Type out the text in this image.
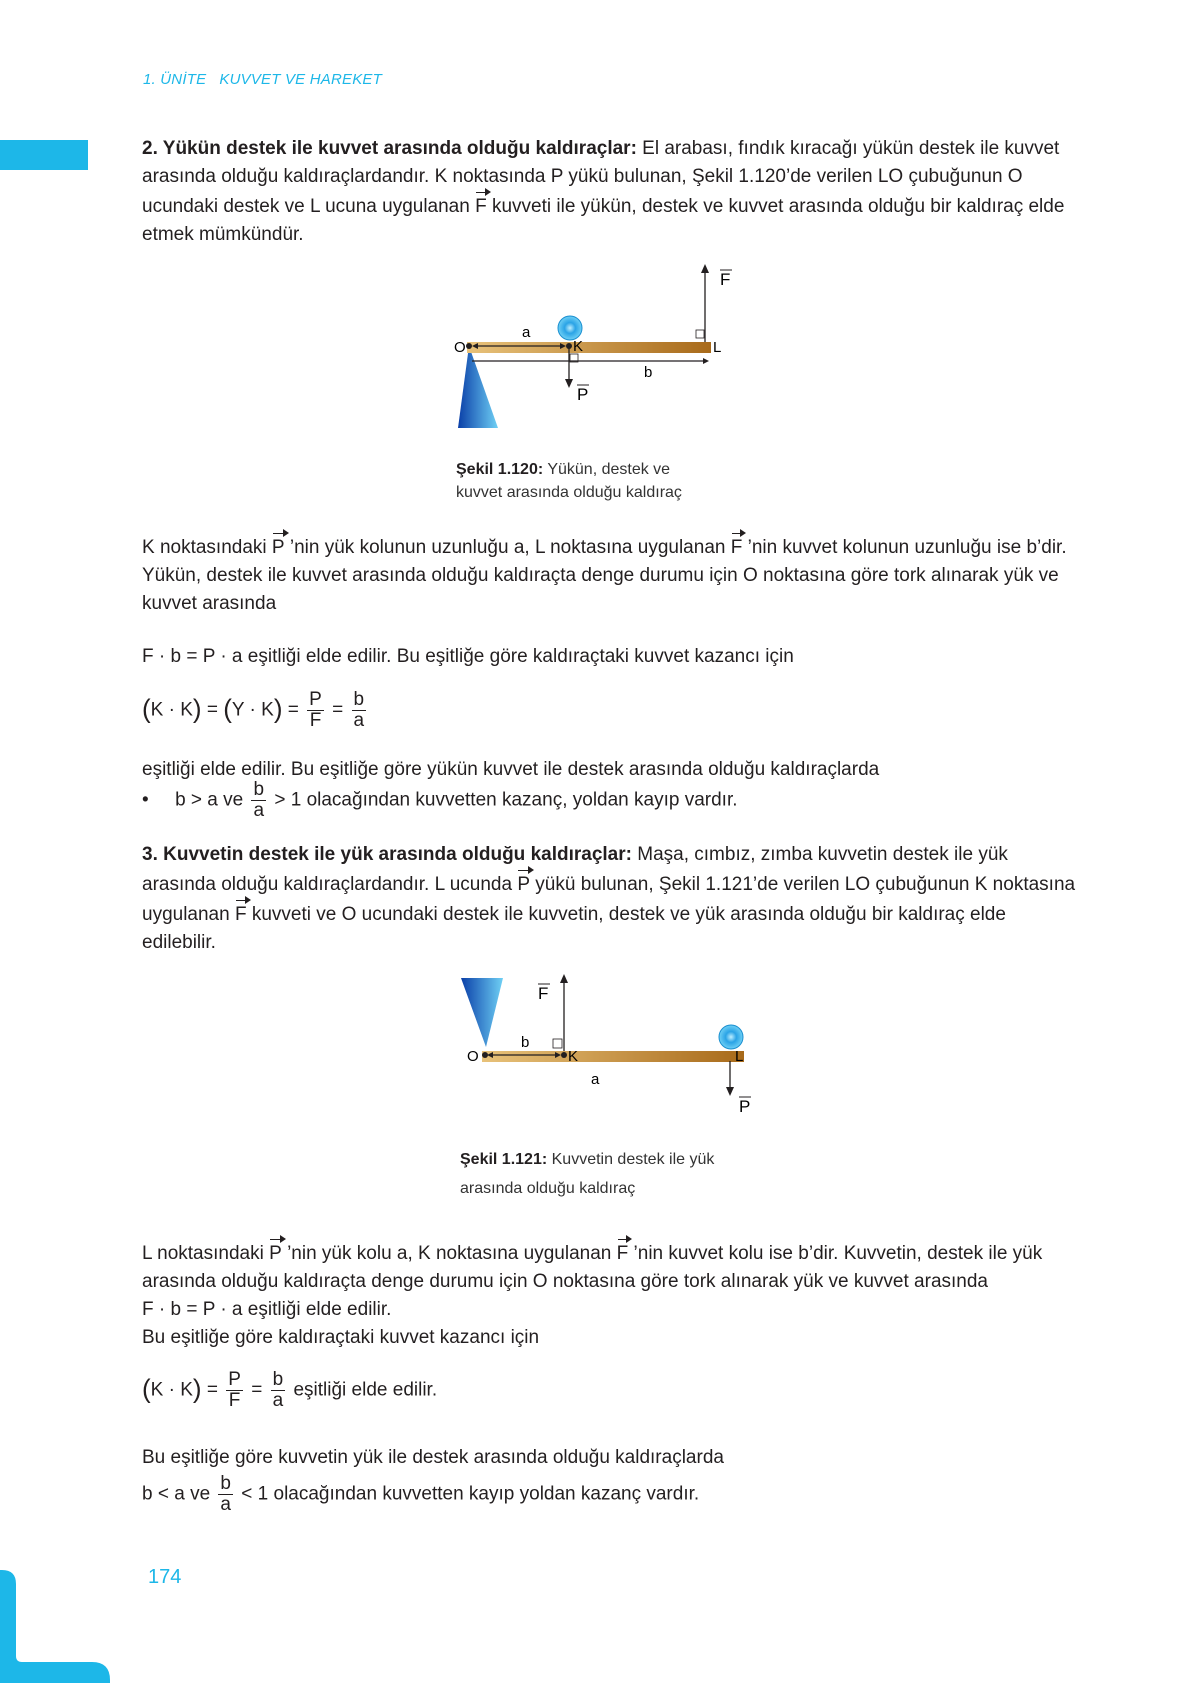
1. ÜNİTE KUVVET VE HAREKET

2. Yükün destek ile kuvvet arasında olduğu kaldıraçlar: El arabası, fındık kıracağı yükün destek ile kuvvet arasında olduğu kaldıraçlardandır. K noktasında P yükü bulunan, Şekil 1.120’de verilen LO çubuğunun O ucundaki destek ve L ucuna uygulanan F kuvveti ile yükün, destek ve kuvvet arasında olduğu bir kaldıraç elde etmek mümkündür.

O	K	L
a
b
P
F
Şekil 1.120: Yükün, destek ve
kuvvet arasında olduğu kaldıraç

K noktasındaki P ’nin yük kolunun uzunluğu a, L noktasına uygulanan F ’nin kuvvet kolunun uzunluğu ise b’dir. Yükün, destek ile kuvvet arasında olduğu kaldıraçta denge durumu için O noktasına göre tork alınarak yük ve kuvvet arasında

F · b = P · a eşitliği elde edilir. Bu eşitliğe göre kaldıraçtaki kuvvet kazancı için
$(K \cdot K) = (Y \cdot K) = \frac{P}{F} = \frac{b}{a}$

eşitliği elde edilir. Bu eşitliğe göre yükün kuvvet ile destek arasında olduğu kaldıraçlarda

• b > a ve $\frac{b}{a} > 1$ olacağından kuvvetten kazanç, yoldan kayıp vardır.

3. Kuvvetin destek ile yük arasında olduğu kaldıraçlar: Maşa, cımbız, zımba kuvvetin destek ile yük arasında olduğu kaldıraçlardandır. L ucunda P yükü bulunan, Şekil 1.121’de verilen LO çubuğunun K noktasına uygulanan F kuvveti ve O ucundaki destek ile kuvvetin, destek ve yük arasında olduğu bir kaldıraç elde edilebilir.

O	K	L
b
a
F
P
Şekil 1.121: Kuvvetin destek ile yük
arasında olduğu kaldıraç

L noktasındaki P ’nin yük kolu a, K noktasına uygulanan F ’nin kuvvet kolu ise b’dir. Kuvvetin, destek ile yük arasında olduğu kaldıraçta denge durumu için O noktasına göre tork alınarak yük ve kuvvet arasında
F · b = P · a eşitliği elde edilir.
Bu eşitliğe göre kaldıraçtaki kuvvet kazancı için

$(K \cdot K) = \frac{P}{F} = \frac{b}{a}$ eşitliği elde edilir.

Bu eşitliğe göre kuvvetin yük ile destek arasında olduğu kaldıraçlarda

b < a ve $\frac{b}{a} < 1$ olacağından kuvvetten kayıp yoldan kazanç vardır.
174
